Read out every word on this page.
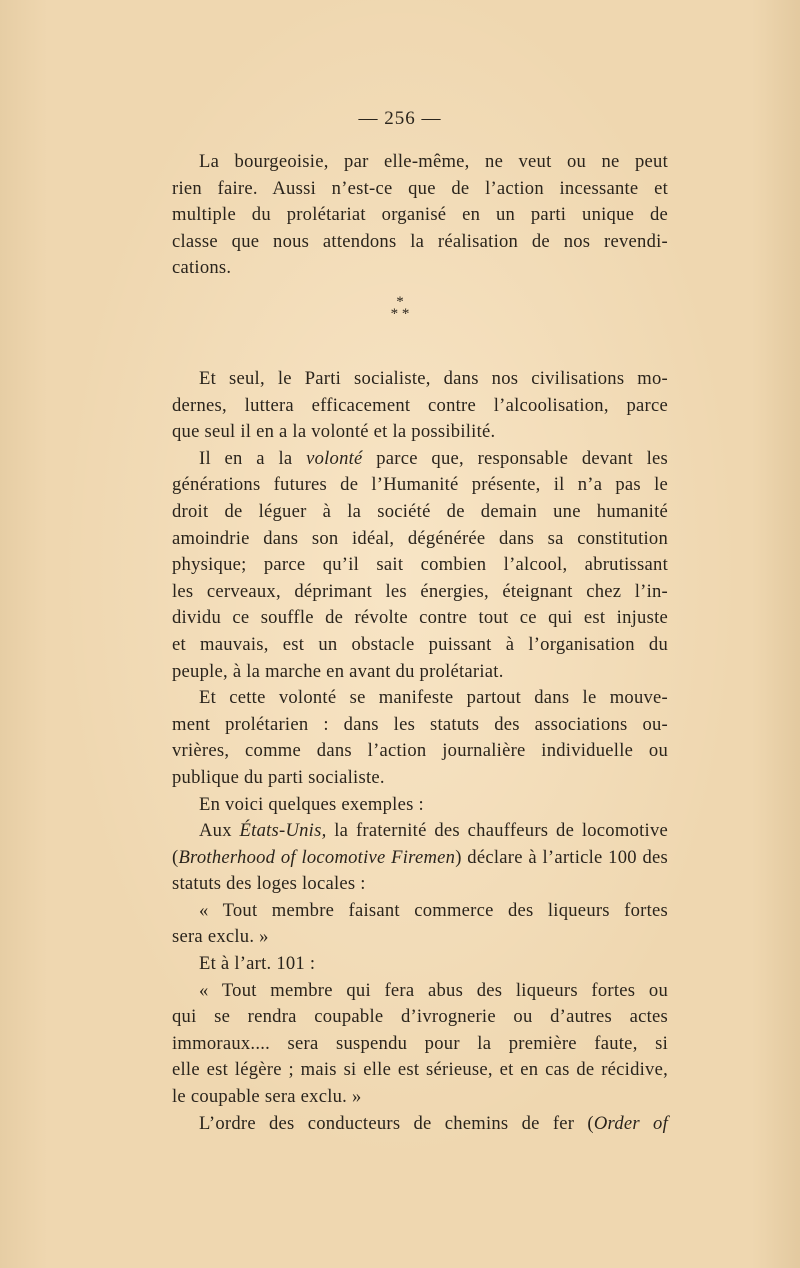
— 256 —
La bourgeoisie, par elle-même, ne veut ou ne peut
rien faire. Aussi n’est-ce que de l’action incessante et
multiple du prolétariat organisé en un parti unique de
classe que nous attendons la réalisation de nos revendi-
cations.
*
* *
Et seul, le Parti socialiste, dans nos civilisations mo-
dernes, luttera efficacement contre l’alcoolisation, parce
que seul il en a la volonté et la possibilité.
Il en a la volonté parce que, responsable devant les
générations futures de l’Humanité présente, il n’a pas le
droit de léguer à la société de demain une humanité
amoindrie dans son idéal, dégénérée dans sa constitution
physique; parce qu’il sait combien l’alcool, abrutissant
les cerveaux, déprimant les énergies, éteignant chez l’in-
dividu ce souffle de révolte contre tout ce qui est injuste
et mauvais, est un obstacle puissant à l’organisation du
peuple, à la marche en avant du prolétariat.
Et cette volonté se manifeste partout dans le mouve-
ment prolétarien : dans les statuts des associations ou-
vrières, comme dans l’action journalière individuelle ou
publique du parti socialiste.
En voici quelques exemples :
Aux États-Unis, la fraternité des chauffeurs de locomotive
(Brotherhood of locomotive Firemen) déclare à l’article 100 des
statuts des loges locales :
« Tout membre faisant commerce des liqueurs fortes
sera exclu. »
Et à l’art. 101 :
« Tout membre qui fera abus des liqueurs fortes ou
qui se rendra coupable d’ivrognerie ou d’autres actes
immoraux.... sera suspendu pour la première faute, si
elle est légère ; mais si elle est sérieuse, et en cas de récidive,
le coupable sera exclu. »
L’ordre des conducteurs de chemins de fer (Order of
